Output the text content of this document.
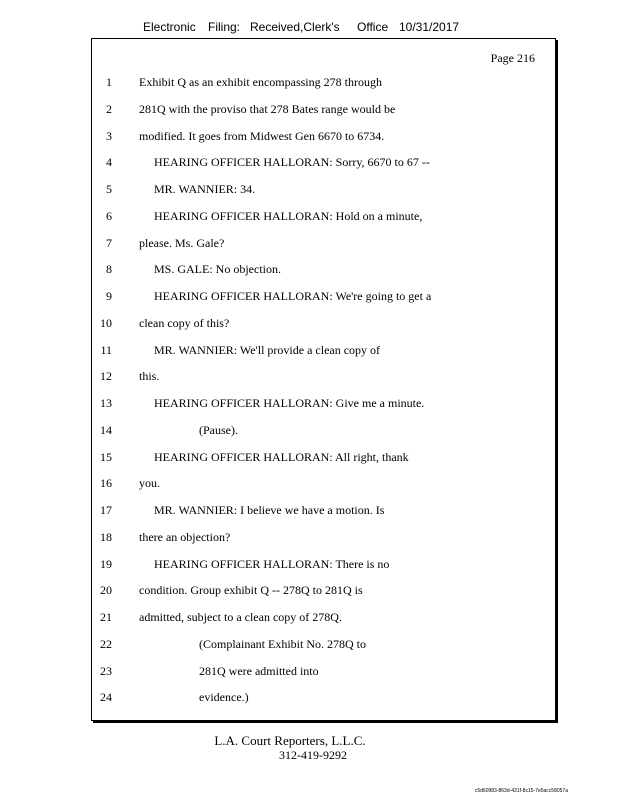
Electronic Filing: Received,Clerk's Office 10/31/2017
Page 216
1 Exhibit Q as an exhibit encompassing 278 through
2 281Q with the proviso that 278 Bates range would be
3 modified. It goes from Midwest Gen 6670 to 6734.
4	HEARING OFFICER HALLORAN: Sorry, 6670 to 67 --
5	MR. WANNIER: 34.
6	HEARING OFFICER HALLORAN: Hold on a minute,
7 please. Ms. Gale?
8	MS. GALE: No objection.
9	HEARING OFFICER HALLORAN: We're going to get a
10 clean copy of this?
11	MR. WANNIER: We'll provide a clean copy of
12 this.
13	HEARING OFFICER HALLORAN: Give me a minute.
14	(Pause).
15	HEARING OFFICER HALLORAN: All right, thank
16 you.
17	MR. WANNIER: I believe we have a motion. Is
18 there an objection?
19	HEARING OFFICER HALLORAN: There is no
20 condition. Group exhibit Q -- 278Q to 281Q is
21 admitted, subject to a clean copy of 278Q.
22	(Complainant Exhibit No. 278Q to
23	281Q were admitted into
24	evidence.)
L.A. Court Reporters, L.L.C.
312-419-9292
c5d60983-863d-431f-8c15-7e5acc58057a
